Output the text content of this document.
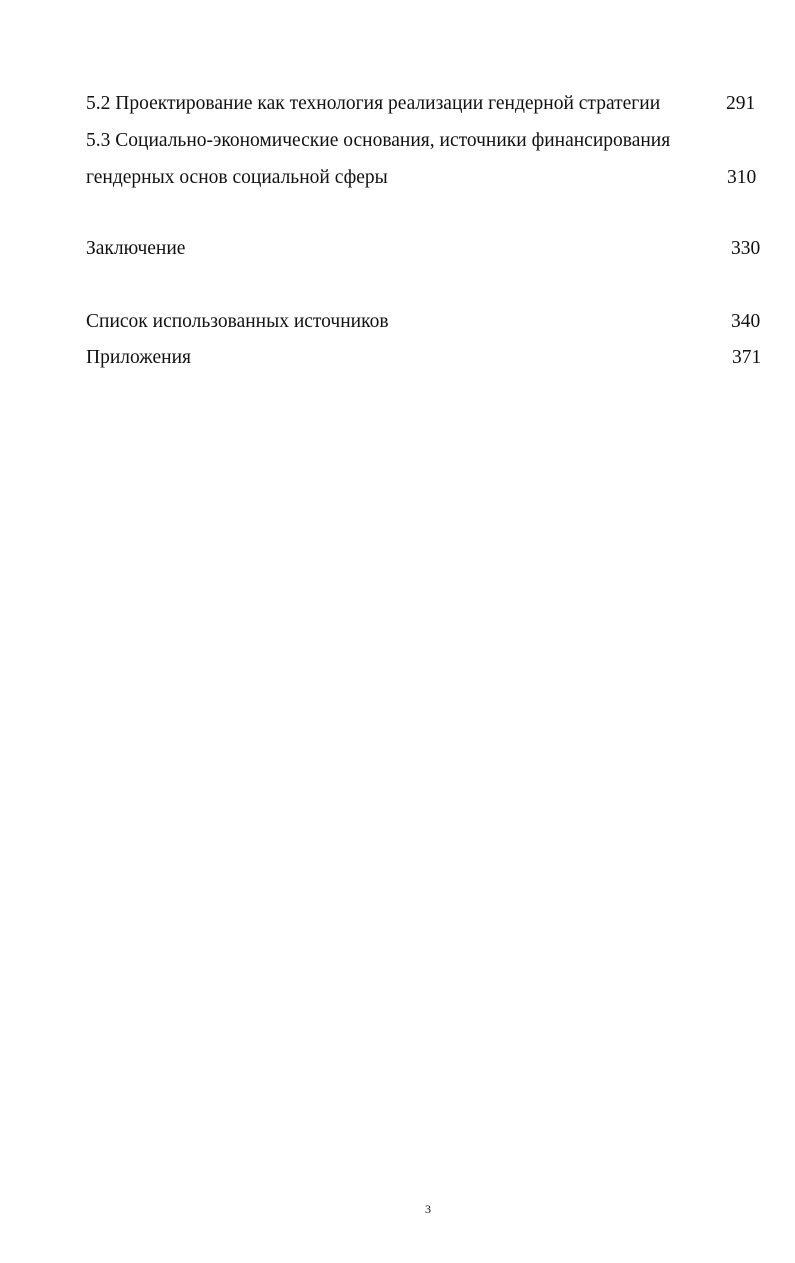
5.2 Проектирование как технология реализации гендерной стратегии	291
5.3 Социально-экономические основания, источники финансирования
гендерных основ социальной сферы	310
Заключение	330
Список использованных источников	340
Приложения	371
3
